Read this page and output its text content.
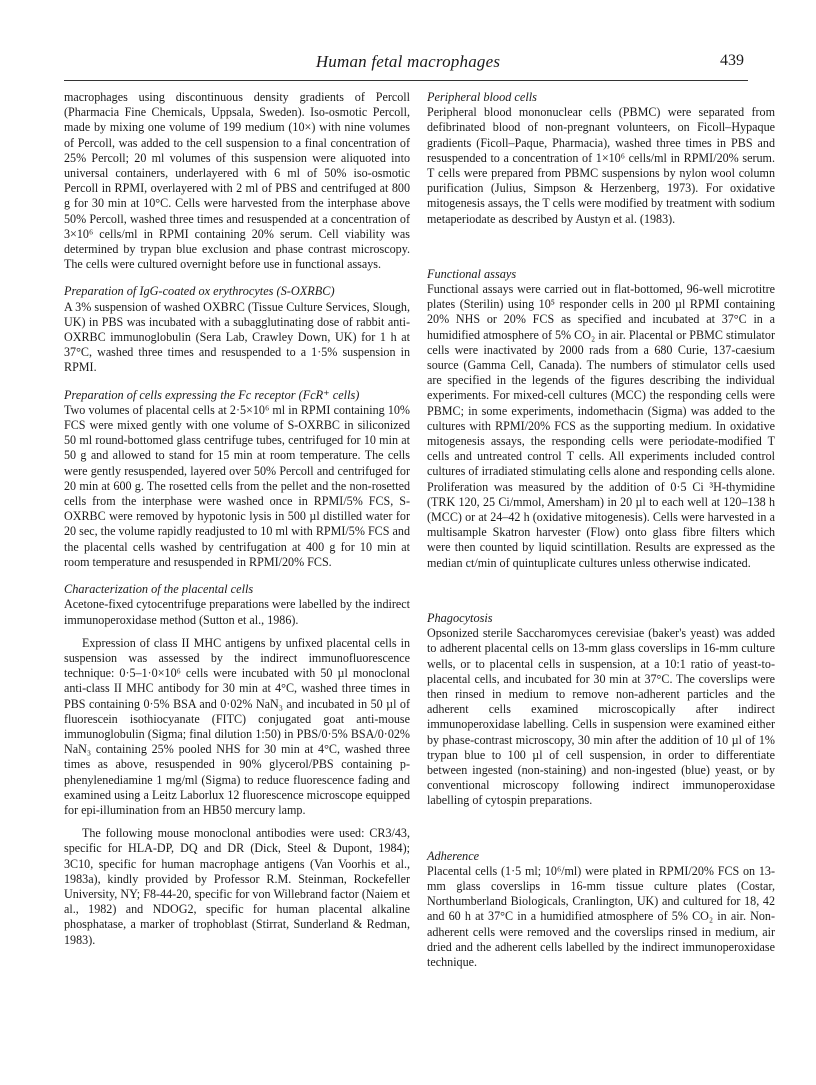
Human fetal macrophages	439

macrophages using discontinuous density gradients of Percoll (Pharmacia Fine Chemicals, Uppsala, Sweden). Iso-osmotic Percoll, made by mixing one volume of 199 medium (10×) with nine volumes of Percoll, was added to the cell suspension to a final concentration of 25% Percoll; 20 ml volumes of this suspension were aliquoted into universal containers, underlayered with 6 ml of 50% iso-osmotic Percoll in RPMI, overlayered with 2 ml of PBS and centrifuged at 800 g for 30 min at 10°C. Cells were harvested from the interphase above 50% Percoll, washed three times and resuspended at a concentration of 3×10⁶ cells/ml in RPMI containing 20% serum. Cell viability was determined by trypan blue exclusion and phase contrast microscopy. The cells were cultured overnight before use in functional assays.

Preparation of IgG-coated ox erythrocytes (S-OXRBC)

A 3% suspension of washed OXBRC (Tissue Culture Services, Slough, UK) in PBS was incubated with a subagglutinating dose of rabbit anti-OXRBC immunoglobulin (Sera Lab, Crawley Down, UK) for 1 h at 37°C, washed three times and resuspended to a 1·5% suspension in RPMI.

Preparation of cells expressing the Fc receptor (FcR⁺ cells)

Two volumes of placental cells at 2·5×10⁶ ml in RPMI containing 10% FCS were mixed gently with one volume of S-OXRBC in siliconized 50 ml round-bottomed glass centrifuge tubes, centrifuged for 10 min at 50 g and allowed to stand for 15 min at room temperature. The cells were gently resuspended, layered over 50% Percoll and centrifuged for 20 min at 600 g. The rosetted cells from the pellet and the non-rosetted cells from the interphase were washed once in RPMI/5% FCS, S-OXRBC were removed by hypotonic lysis in 500 µl distilled water for 20 sec, the volume rapidly readjusted to 10 ml with RPMI/5% FCS and the placental cells washed by centrifugation at 400 g for 10 min at room temperature and resuspended in RPMI/20% FCS.

Characterization of the placental cells

Acetone-fixed cytocentrifuge preparations were labelled by the indirect immunoperoxidase method (Sutton et al., 1986).

Expression of class II MHC antigens by unfixed placental cells in suspension was assessed by the indirect immunofluorescence technique: 0·5–1·0×10⁶ cells were incubated with 50 µl monoclonal anti-class II MHC antibody for 30 min at 4°C, washed three times in PBS containing 0·5% BSA and 0·02% NaN₃ and incubated in 50 µl of fluorescein isothiocyanate (FITC) conjugated goat anti-mouse immunoglobulin (Sigma; final dilution 1:50) in PBS/0·5% BSA/0·02% NaN₃ containing 25% pooled NHS for 30 min at 4°C, washed three times as above, resuspended in 90% glycerol/PBS containing p-phenylenediamine 1 mg/ml (Sigma) to reduce fluorescence fading and examined using a Leitz Laborlux 12 fluorescence microscope equipped for epi-illumination from an HB50 mercury lamp.

The following mouse monoclonal antibodies were used: CR3/43, specific for HLA-DP, DQ and DR (Dick, Steel & Dupont, 1984); 3C10, specific for human macrophage antigens (Van Voorhis et al., 1983a), kindly provided by Professor R.M. Steinman, Rockefeller University, NY; F8-44-20, specific for von Willebrand factor (Naiem et al., 1982) and NDOG2, specific for human placental alkaline phosphatase, a marker of trophoblast (Stirrat, Sunderland & Redman, 1983).

Peripheral blood cells

Peripheral blood mononuclear cells (PBMC) were separated from defibrinated blood of non-pregnant volunteers, on Ficoll–Hypaque gradients (Ficoll–Paque, Pharmacia), washed three times in PBS and resuspended to a concentration of 1×10⁶ cells/ml in RPMI/20% serum. T cells were prepared from PBMC suspensions by nylon wool column purification (Julius, Simpson & Herzenberg, 1973). For oxidative mitogenesis assays, the T cells were modified by treatment with sodium metaperiodate as described by Austyn et al. (1983).

Functional assays

Functional assays were carried out in flat-bottomed, 96-well microtitre plates (Sterilin) using 10⁵ responder cells in 200 µl RPMI containing 20% NHS or 20% FCS as specified and incubated at 37°C in a humidified atmosphere of 5% CO₂ in air. Placental or PBMC stimulator cells were inactivated by 2000 rads from a 680 Curie, 137-caesium source (Gamma Cell, Canada). The numbers of stimulator cells used are specified in the legends of the figures describing the individual experiments. For mixed-cell cultures (MCC) the responding cells were PBMC; in some experiments, indomethacin (Sigma) was added to the cultures with RPMI/20% FCS as the supporting medium. In oxidative mitogenesis assays, the responding cells were periodate-modified T cells and untreated control T cells. All experiments included control cultures of irradiated stimulating cells alone and responding cells alone. Proliferation was measured by the addition of 0·5 Ci ³H-thymidine (TRK 120, 25 Ci/mmol, Amersham) in 20 µl to each well at 120–138 h (MCC) or at 24–42 h (oxidative mitogenesis). Cells were harvested in a multisample Skatron harvester (Flow) onto glass fibre filters which were then counted by liquid scintillation. Results are expressed as the median ct/min of quintuplicate cultures unless otherwise indicated.

Phagocytosis

Opsonized sterile Saccharomyces cerevisiae (baker's yeast) was added to adherent placental cells on 13-mm glass coverslips in 16-mm culture wells, or to placental cells in suspension, at a 10:1 ratio of yeast-to-placental cells, and incubated for 30 min at 37°C. The coverslips were then rinsed in medium to remove non-adherent particles and the adherent cells examined microscopically after indirect immunoperoxidase labelling. Cells in suspension were examined either by phase-contrast microscopy, 30 min after the addition of 10 µl of 1% trypan blue to 100 µl of cell suspension, in order to differentiate between ingested (non-staining) and non-ingested (blue) yeast, or by conventional microscopy following indirect immunoperoxidase labelling of cytospin preparations.

Adherence

Placental cells (1·5 ml; 10⁶/ml) were plated in RPMI/20% FCS on 13-mm glass coverslips in 16-mm tissue culture plates (Costar, Northumberland Biologicals, Cranlington, UK) and cultured for 18, 42 and 60 h at 37°C in a humidified atmosphere of 5% CO₂ in air. Non-adherent cells were removed and the coverslips rinsed in medium, air dried and the adherent cells labelled by the indirect immunoperoxidase technique.
